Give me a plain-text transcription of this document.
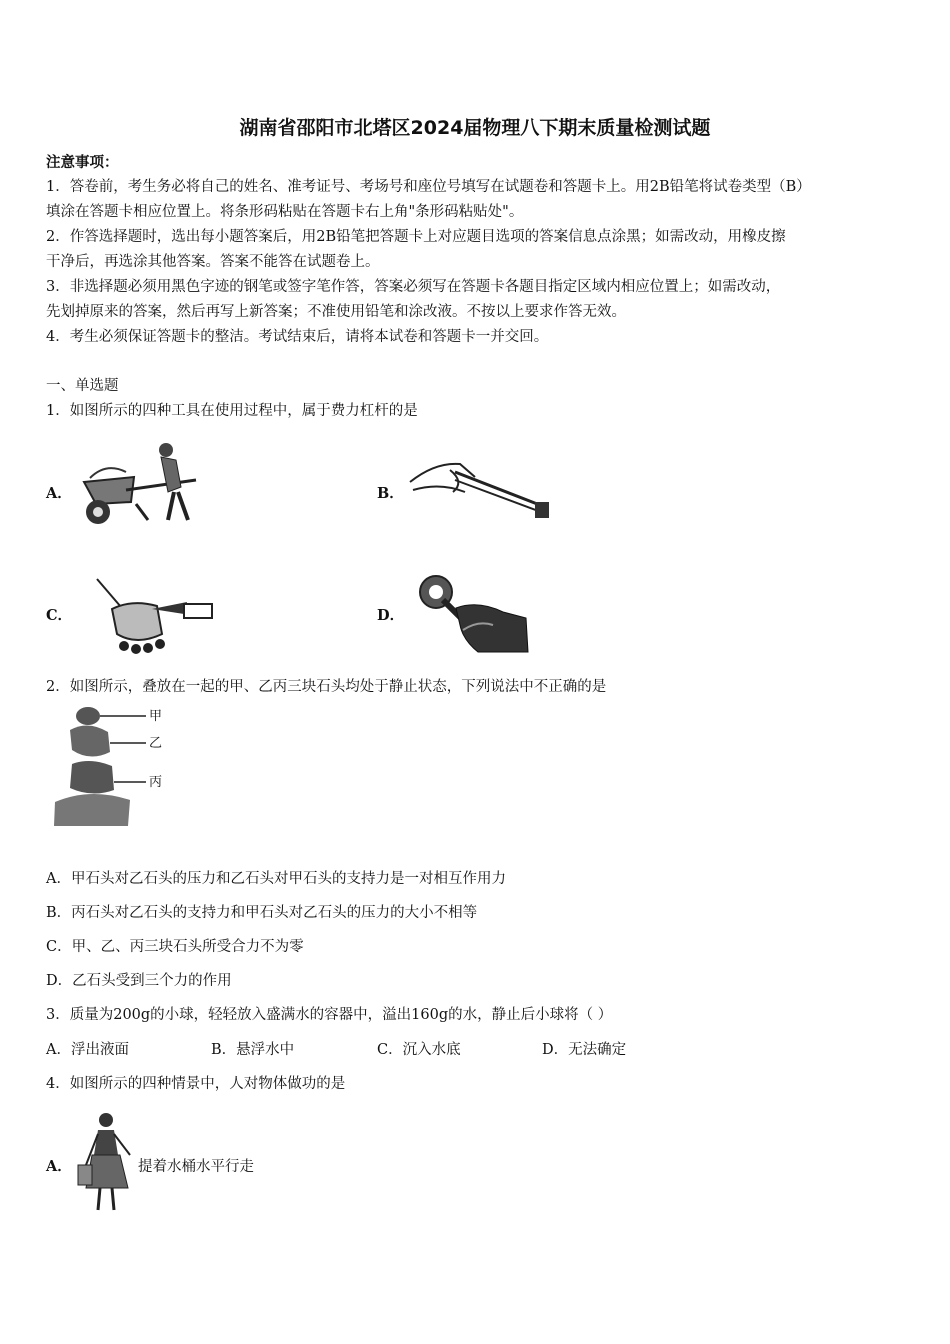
湖南省邵阳市北塔区2024届物理八下期末质量检测试题
注意事项：
1．答卷前，考生务必将自己的姓名、准考证号、考场号和座位号填写在试题卷和答题卡上。用2B铅笔将试卷类型（B）
填涂在答题卡相应位置上。将条形码粘贴在答题卡右上角"条形码粘贴处"。
2．作答选择题时，选出每小题答案后，用2B铅笔把答题卡上对应题目选项的答案信息点涂黑；如需改动，用橡皮擦
干净后，再选涂其他答案。答案不能答在试题卷上。
3．非选择题必须用黑色字迹的钢笔或签字笔作答，答案必须写在答题卡各题目指定区域内相应位置上；如需改动，
先划掉原来的答案，然后再写上新答案；不准使用铅笔和涂改液。不按以上要求作答无效。
4．考生必须保证答题卡的整洁。考试结束后，请将本试卷和答题卡一并交回。
一、单选题
1．如图所示的四种工具在使用过程中，属于费力杠杆的是
A．	B．
C．	D．
2．如图所示，叠放在一起的甲、乙丙三块石头均处于静止状态，下列说法中不正确的是
甲
乙
丙
A．甲石头对乙石头的压力和乙石头对甲石头的支持力是一对相互作用力
B．丙石头对乙石头的支持力和甲石头对乙石头的压力的大小不相等
C．甲、乙、丙三块石头所受合力不为零
D．乙石头受到三个力的作用
3．质量为200g的小球，轻轻放入盛满水的容器中，溢出160g的水，静止后小球将（ ）
A．浮出液面	B．悬浮水中	C．沉入水底	D．无法确定
4．如图所示的四种情景中，人对物体做功的是
A．	提着水桶水平行走
